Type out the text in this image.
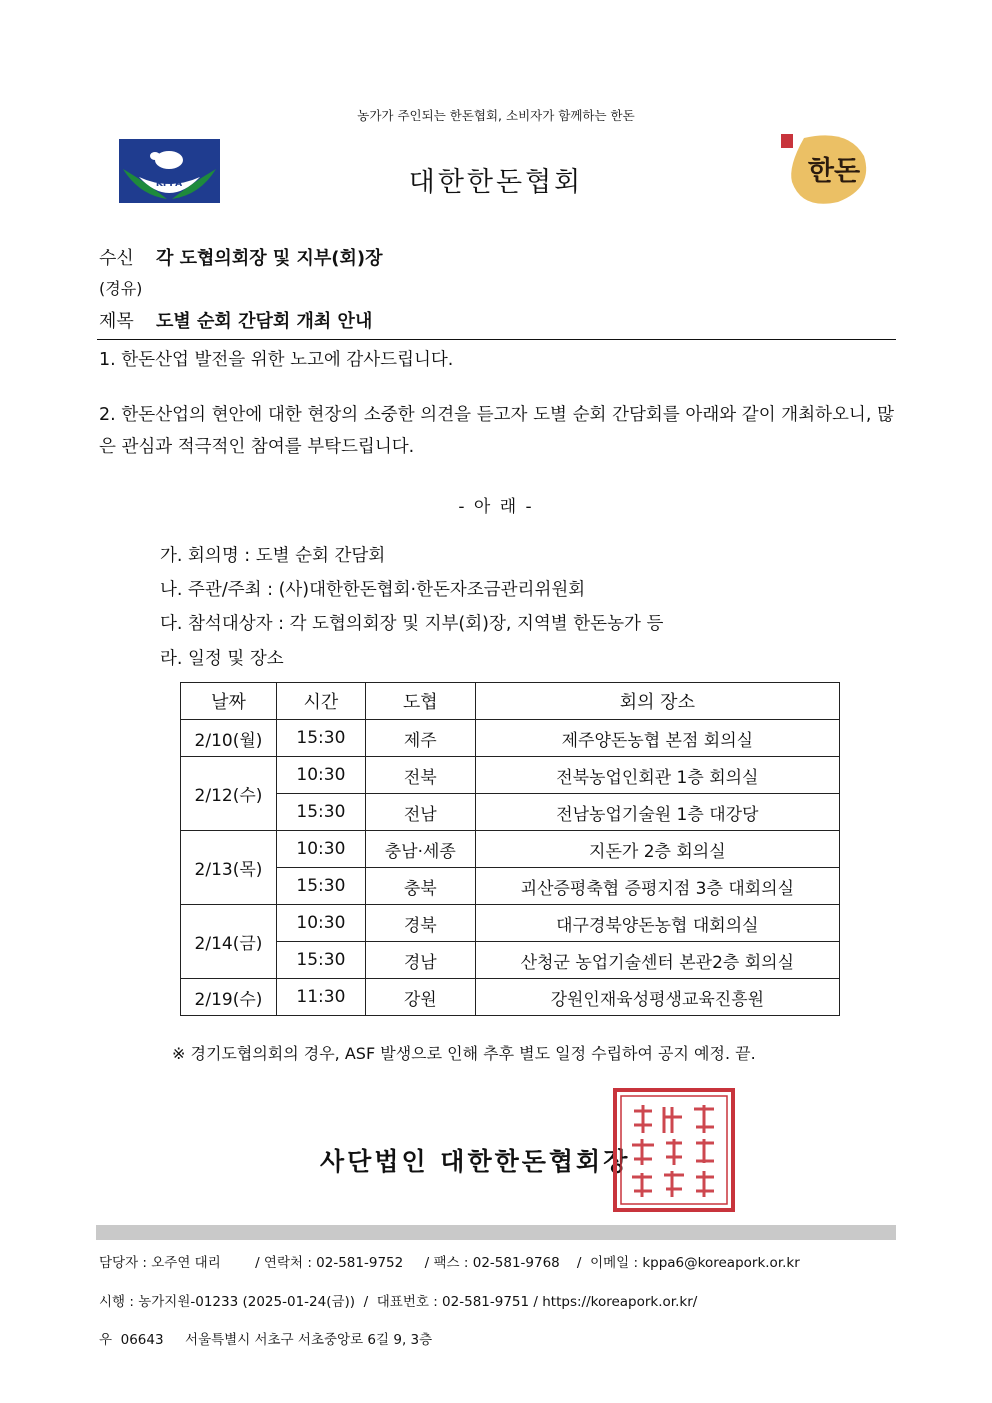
농가가 주인되는 한돈협회, 소비자가 함께하는 한돈
KPPA	대한한돈협회	한돈
수신 각 도협의회장 및 지부(회)장
(경유)
제목 도별 순회 간담회 개최 안내
1. 한돈산업 발전을 위한 노고에 감사드립니다.
2. 한돈산업의 현안에 대한 현장의 소중한 의견을 듣고자 도별 순회 간담회를 아래와 같이 개최하오니, 많은 관심과 적극적인 참여를 부탁드립니다.
- 아 래 -
가. 회의명 : 도별 순회 간담회
나. 주관/주최 : (사)대한한돈협회·한돈자조금관리위원회
다. 참석대상자 : 각 도협의회장 및 지부(회)장, 지역별 한돈농가 등
라. 일정 및 장소
날짜	시간	도협	회의 장소
2/10(월)	15:30	제주	제주양돈농협 본점 회의실
2/12(수)	10:30	전북	전북농업인회관 1층 회의실
	15:30	전남	전남농업기술원 1층 대강당
2/13(목)	10:30	충남·세종	지돈가 2층 회의실
	15:30	충북	괴산증평축협 증평지점 3층 대회의실
2/14(금)	10:30	경북	대구경북양돈농협 대회의실
	15:30	경남	산청군 농업기술센터 본관2층 회의실
2/19(수)	11:30	강원	강원인재육성평생교육진흥원
※ 경기도협의회의 경우, ASF 발생으로 인해 추후 별도 일정 수립하여 공지 예정. 끝.
사단법인 대한한돈협회장
담당자 : 오주연 대리        / 연락처 : 02-581-9752     / 팩스 : 02-581-9768    /  이메일 : kppa6@koreapork.or.kr
시행 : 농가지원-01233 (2025-01-24(금))  /  대표번호 : 02-581-9751 / https://koreapork.or.kr/
우  06643     서울특별시 서초구 서초중앙로 6길 9, 3층
